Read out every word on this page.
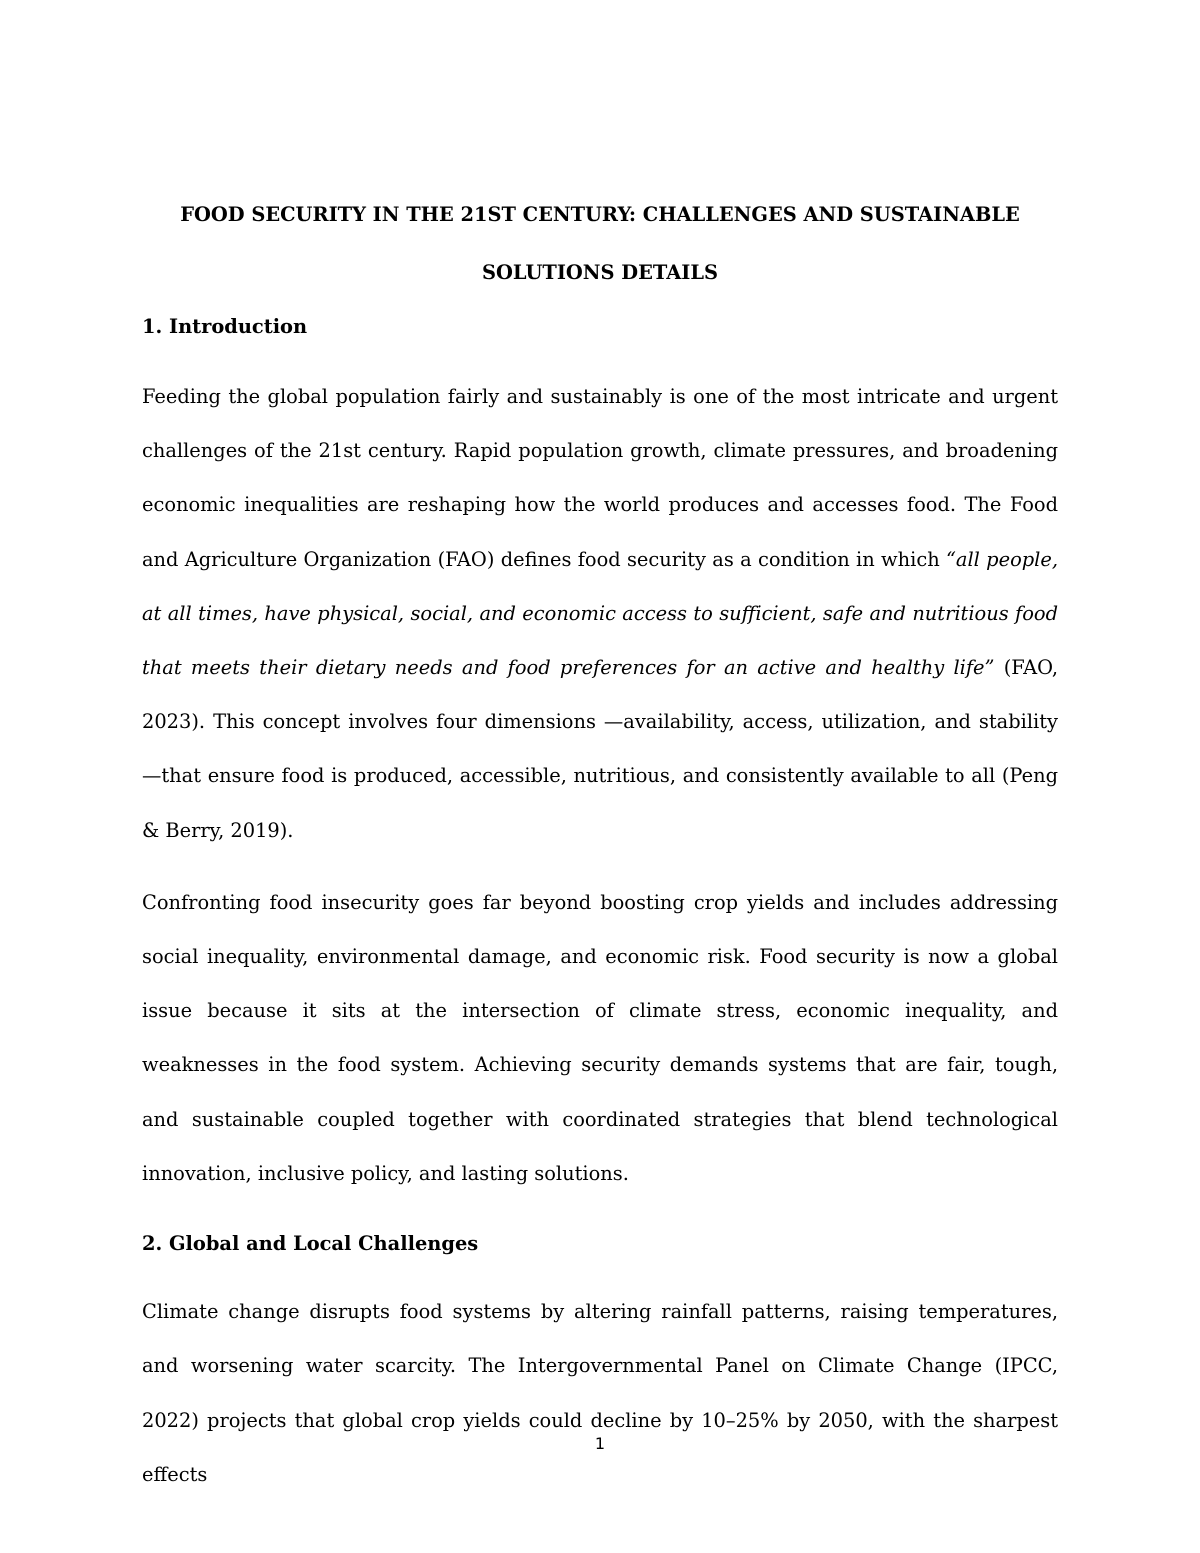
FOOD SECURITY IN THE 21ST CENTURY: CHALLENGES AND SUSTAINABLE SOLUTIONS DETAILS
1. Introduction

Feeding the global population fairly and sustainably is one of the most intricate and urgent challenges of the 21st century. Rapid population growth, climate pressures, and broadening economic inequalities are reshaping how the world produces and accesses food. The Food and Agriculture Organization (FAO) defines food security as a condition in which “all people, at all times, have physical, social, and economic access to sufficient, safe and nutritious food that meets their dietary needs and food preferences for an active and healthy life” (FAO, 2023). This concept involves four dimensions —availability, access, utilization, and stability—that ensure food is produced, accessible, nutritious, and consistently available to all (Peng & Berry, 2019).

Confronting food insecurity goes far beyond boosting crop yields and includes addressing social inequality, environmental damage, and economic risk. Food security is now a global issue because it sits at the intersection of climate stress, economic inequality, and weaknesses in the food system. Achieving security demands systems that are fair, tough, and sustainable coupled together with coordinated strategies that blend technological innovation, inclusive policy, and lasting solutions.

2. Global and Local Challenges

Climate change disrupts food systems by altering rainfall patterns, raising temperatures, and worsening water scarcity. The Intergovernmental Panel on Climate Change (IPCC, 2022) projects that global crop yields could decline by 10–25% by 2050, with the sharpest effects

1
